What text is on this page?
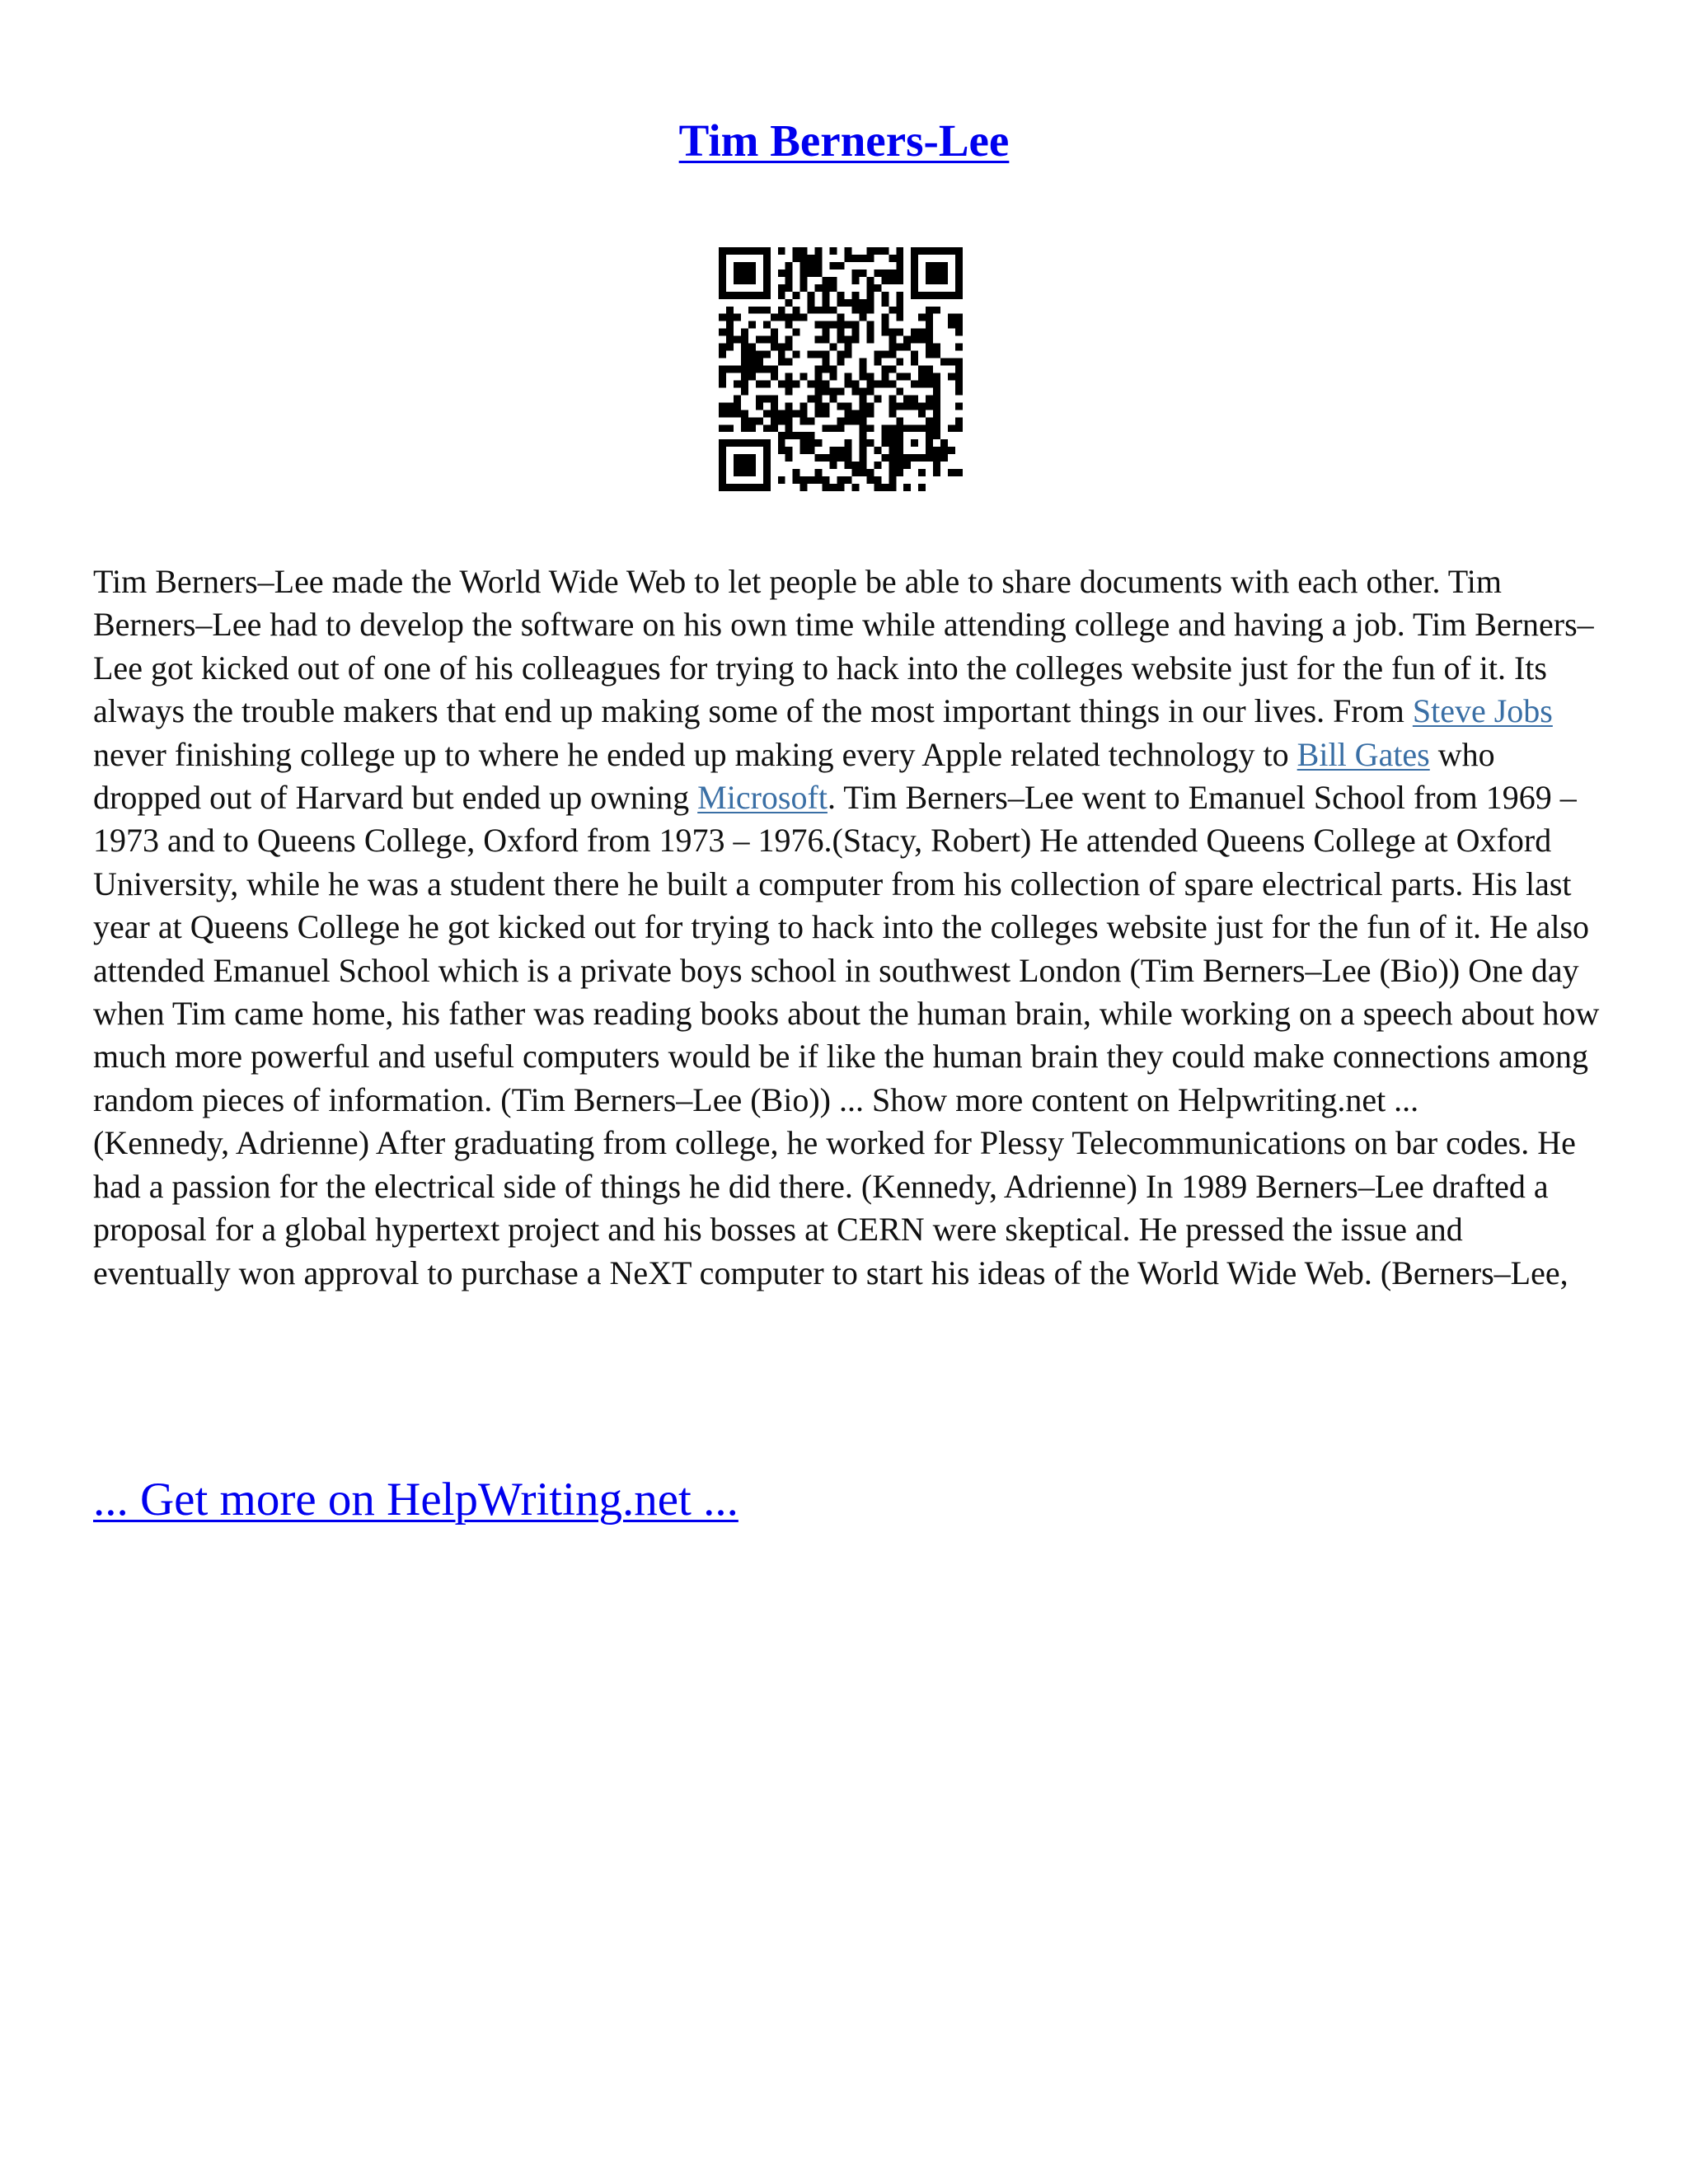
Tim Berners-Lee

Tim Berners–Lee made the World Wide Web to let people be able to share documents with each other. Tim Berners–Lee had to develop the software on his own time while attending college and having a job. Tim Berners–Lee got kicked out of one of his colleagues for trying to hack into the colleges website just for the fun of it. Its always the trouble makers that end up making some of the most important things in our lives. From Steve Jobs never finishing college up to where he ended up making every Apple related technology to Bill Gates who dropped out of Harvard but ended up owning Microsoft. Tim Berners–Lee went to Emanuel School from 1969 – 1973 and to Queens College, Oxford from 1973 – 1976.(Stacy, Robert) He attended Queens College at Oxford University, while he was a student there he built a computer from his collection of spare electrical parts. His last year at Queens College he got kicked out for trying to hack into the colleges website just for the fun of it. He also attended Emanuel School which is a private boys school in southwest London (Tim Berners–Lee (Bio)) One day when Tim came home, his father was reading books about the human brain, while working on a speech about how much more powerful and useful computers would be if like the human brain they could make connections among random pieces of information. (Tim Berners–Lee (Bio)) ... Show more content on Helpwriting.net ...
(Kennedy, Adrienne) After graduating from college, he worked for Plessy Telecommunications on bar codes. He had a passion for the electrical side of things he did there. (Kennedy, Adrienne) In 1989 Berners–Lee drafted a proposal for a global hypertext project and his bosses at CERN were skeptical. He pressed the issue and eventually won approval to purchase a NeXT computer to start his ideas of the World Wide Web. (Berners–Lee,

... Get more on HelpWriting.net ...
